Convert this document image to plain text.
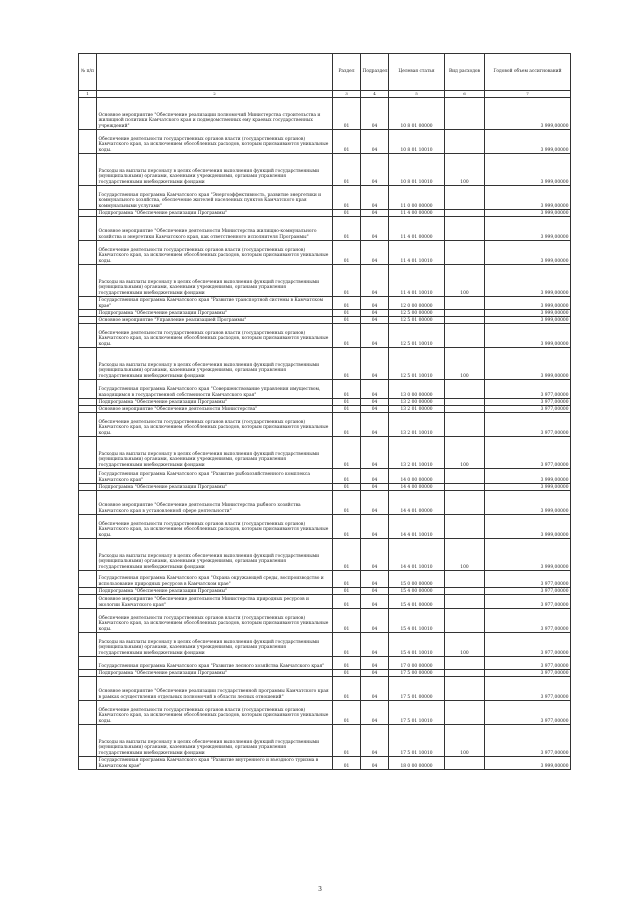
№ п/п		Раздел	Подраздел	Целевая статья	Вид расходов	Годовой объем ассигнований
1	2	3	4	5	6	7
	Основное мероприятие "Обеспечение реализации полномочий Министерства строительства и жилищной политики Камчатского края и подведомственных ему краевых государственных учреждений"	01	04	10 8 01 00000		3 999,00000
	Обеспечение деятельности государственных органов власти (государственных органов) Камчатского края, за исключением обособленных расходов, которым присваиваются уникальные коды.	01	04	10 8 01 10010		3 999,00000
	Расходы на выплаты персоналу в целях обеспечения выполнения функций государственными (муниципальными) органами, казенными учреждениями, органами управления государственными внебюджетными фондами	01	04	10 8 01 10010	100	3 999,00000
	Государственная программа Камчатского края "Энергоэффективность, развитие энергетики и коммунального хозяйства, обеспечение жителей населенных пунктов Камчатского края коммунальными услугами"	01	04	11 0 00 00000		3 999,00000
	Подпрограмма "Обеспечение реализации Программы"	01	04	11 4 00 00000		3 999,00000
	Основное мероприятие "Обеспечение деятельности Министерства жилищно-коммунального хозяйства и энергетики Камчатского края, как ответственного исполнителя Программы"	01	04	11 4 01 00000		3 999,00000
	Обеспечение деятельности государственных органов власти (государственных органов) Камчатского края, за исключением обособленных расходов, которым присваиваются уникальные коды.	01	04	11 4 01 10010		3 999,00000
	Расходы на выплаты персоналу в целях обеспечения выполнения функций государственными (муниципальными) органами, казенными учреждениями, органами управления государственными внебюджетными фондами	01	04	11 4 01 10010	100	3 999,00000
	Государственная программа Камчатского края "Развитие транспортной системы в Камчатском крае"	01	04	12 0 00 00000		3 999,00000
	Подпрограмма "Обеспечение реализации Программы"	01	04	12 5 00 00000		3 999,00000
	Основное мероприятие "Управление реализацией Программы"	01	04	12 5 01 00000		3 999,00000
	Обеспечение деятельности государственных органов власти (государственных органов) Камчатского края, за исключением обособленных расходов, которым присваиваются уникальные коды.	01	04	12 5 01 10010		3 999,00000
	Расходы на выплаты персоналу в целях обеспечения выполнения функций государственными (муниципальными) органами, казенными учреждениями, органами управления государственными внебюджетными фондами	01	04	12 5 01 10010	100	3 999,00000
	Государственная программа Камчатского края "Совершенствование управления имуществом, находящимся в государственной собственности Камчатского края"	01	04	13 0 00 00000		3 977,00000
	Подпрограмма "Обеспечение реализации Программы"	01	04	13 2 00 00000		3 977,00000
	Основное мероприятие "Обеспечение деятельности Министерства"	01	04	13 2 01 00000		3 977,00000
	Обеспечение деятельности государственных органов власти (государственных органов) Камчатского края, за исключением обособленных расходов, которым присваиваются уникальные коды.	01	04	13 2 01 10010		3 977,00000
	Расходы на выплаты персоналу в целях обеспечения выполнения функций государственными (муниципальными) органами, казенными учреждениями, органами управления государственными внебюджетными фондами	01	04	13 2 01 10010	100	3 977,00000
	Государственная программа Камчатского края "Развитие рыбохозяйственного комплекса Камчатского края"	01	04	14 0 00 00000		3 999,00000
	Подпрограмма "Обеспечение реализации Программы"	01	04	14 4 00 00000		3 999,00000
	Основное мероприятие "Обеспечение деятельности Министерства рыбного хозяйства Камчатского края в установленной сфере деятельности"	01	04	14 4 01 00000		3 999,00000
	Обеспечение деятельности государственных органов власти (государственных органов) Камчатского края, за исключением обособленных расходов, которым присваиваются уникальные коды.	01	04	14 4 01 10010		3 999,00000
	Расходы на выплаты персоналу в целях обеспечения выполнения функций государственными (муниципальными) органами, казенными учреждениями, органами управления государственными внебюджетными фондами	01	04	14 4 01 10010	100	3 999,00000
	Государственная программа Камчатского края "Охрана окружающей среды, воспроизводство и использование природных ресурсов в Камчатском крае"	01	04	15 0 00 00000		3 977,00000
	Подпрограмма "Обеспечение реализации Программы"	01	04	15 4 00 00000		3 977,00000
	Основное мероприятие "Обеспечение деятельности Министерства природных ресурсов и экологии Камчатского края"	01	04	15 4 01 00000		3 977,00000
	Обеспечение деятельности государственных органов власти (государственных органов) Камчатского края, за исключением обособленных расходов, которым присваиваются уникальные коды.	01	04	15 4 01 10010		3 977,00000
	Расходы на выплаты персоналу в целях обеспечения выполнения функций государственными (муниципальными) органами, казенными учреждениями, органами управления государственными внебюджетными фондами	01	04	15 4 01 10010	100	3 977,00000
	Государственная программа Камчатского края "Развитие лесного хозяйства Камчатского края"	01	04	17 0 00 00000		3 977,00000
	Подпрограмма "Обеспечение реализации Программы"	01	04	17 5 00 00000		3 977,00000
	Основное мероприятие "Обеспечение реализации государственной программы Камчатского края в рамках осуществления отдельных полномочий в области лесных отношений"	01	04	17 5 01 00000		3 977,00000
	Обеспечение деятельности государственных органов власти (государственных органов) Камчатского края, за исключением обособленных расходов, которым присваиваются уникальные коды.	01	04	17 5 01 10010		3 977,00000
	Расходы на выплаты персоналу в целях обеспечения выполнения функций государственными (муниципальными) органами, казенными учреждениями, органами управления государственными внебюджетными фондами	01	04	17 5 01 10010	100	3 977,00000
	Государственная программа Камчатского края "Развитие внутреннего и въездного туризма в Камчатском крае"	01	04	18 0 00 00000		3 999,00000
3
